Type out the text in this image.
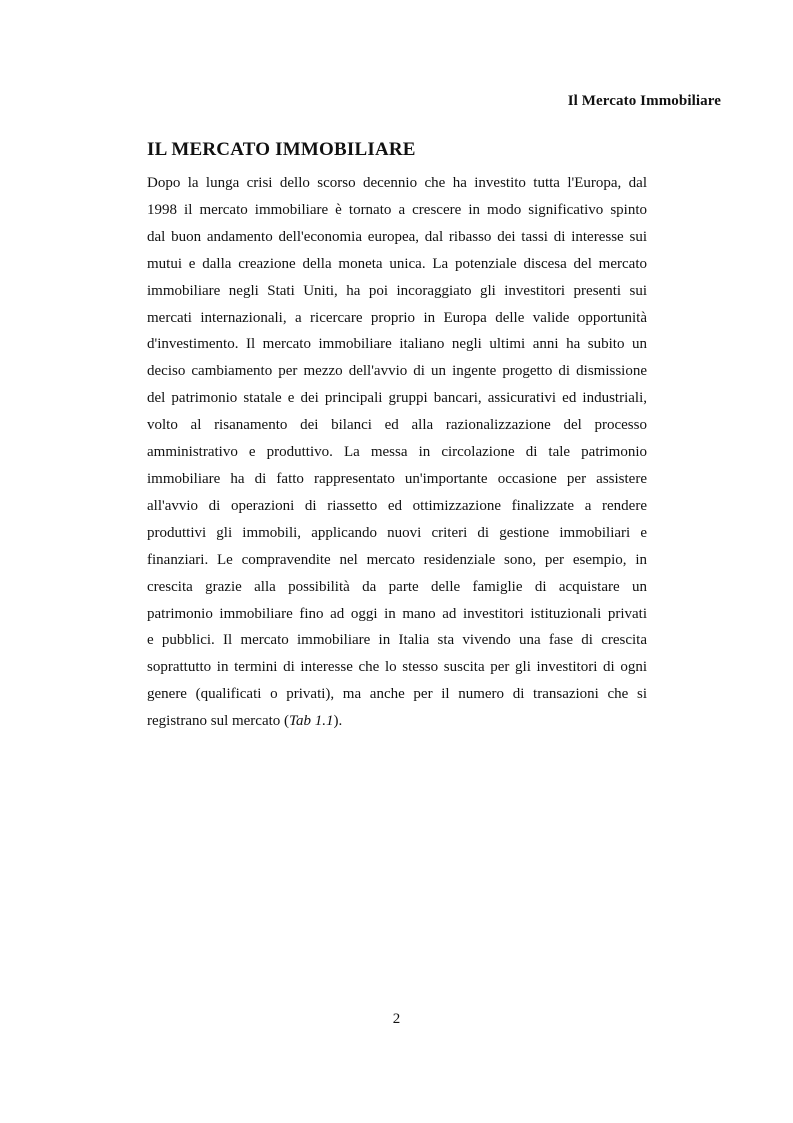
Il Mercato Immobiliare
IL MERCATO IMMOBILIARE
Dopo la lunga crisi dello scorso decennio che ha investito tutta l'Europa, dal
1998 il mercato immobiliare è tornato a crescere in modo significativo spinto
dal buon andamento dell'economia europea, dal ribasso dei tassi di interesse sui
mutui e dalla creazione della moneta unica. La potenziale discesa del mercato
immobiliare negli Stati Uniti, ha poi incoraggiato gli investitori presenti sui
mercati internazionali, a ricercare proprio in Europa delle valide opportunità
d'investimento. Il mercato immobiliare italiano negli ultimi anni ha subito un
deciso cambiamento per mezzo dell'avvio di un ingente progetto di dismissione
del patrimonio statale e dei principali gruppi bancari, assicurativi ed industriali,
volto al risanamento dei bilanci ed alla razionalizzazione del processo
amministrativo e produttivo. La messa in circolazione di tale patrimonio
immobiliare ha di fatto rappresentato un'importante occasione per assistere
all'avvio di operazioni di riassetto ed ottimizzazione finalizzate a rendere
produttivi gli immobili, applicando nuovi criteri di gestione immobiliari e
finanziari. Le compravendite nel mercato residenziale sono, per esempio, in
crescita grazie alla possibilità da parte delle famiglie di acquistare un
patrimonio immobiliare fino ad oggi in mano ad investitori istituzionali privati
e pubblici. Il mercato immobiliare in Italia sta vivendo una fase di crescita
soprattutto in termini di interesse che lo stesso suscita per gli investitori di ogni
genere (qualificati o privati), ma anche per il numero di transazioni che si
registrano sul mercato (Tab 1.1).
2
